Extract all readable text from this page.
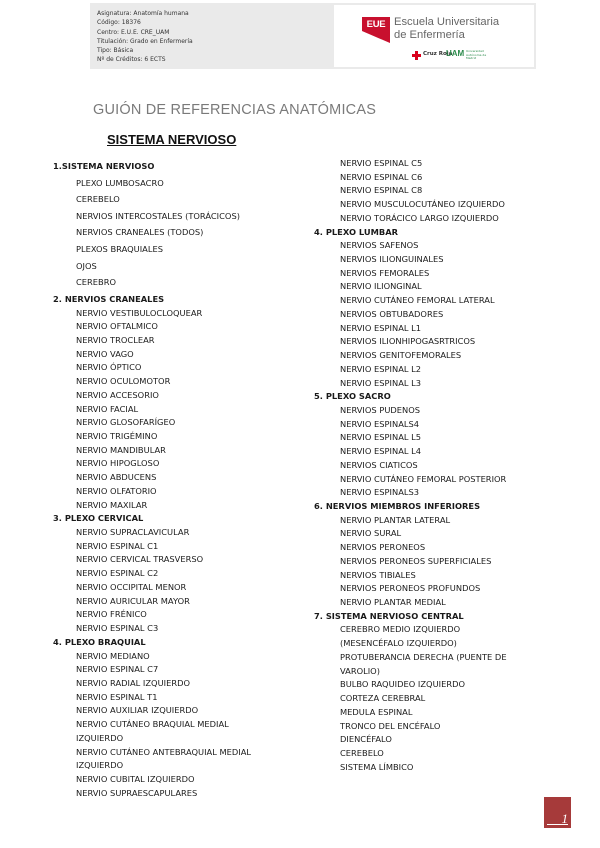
Asignatura: Anatomía humana
Código: 18376
Centro: E.U.E. CRE_UAM
Titulación: Grado en Enfermería
Tipo: Básica
Nº de Créditos: 6 ECTS
EUE Escuela Universitaria
de Enfermería
Cruz Roja
UAM Universidad Autónoma de Madrid
GUIÓN DE REFERENCIAS ANATÓMICAS
SISTEMA NERVIOSO
1.SISTEMA NERVIOSO
PLEXO LUMBOSACRO
CEREBELO
NERVIOS INTERCOSTALES (TORÁCICOS)
NERVIOS CRANEALES (TODOS)
PLEXOS BRAQUIALES
OJOS
CEREBRO
2. NERVIOS CRANEALES
NERVIO VESTIBULOCLOQUEAR
NERVIO OFTALMICO
NERVIO TROCLEAR
NERVIO VAGO
NERVIO ÓPTICO
NERVIO OCULOMOTOR
NERVIO ACCESORIO
NERVIO FACIAL
NERVIO GLOSOFARÍGEO
NERVIO TRIGÉMINO
NERVIO MANDIBULAR
NERVIO HIPOGLOSO
NERVIO ABDUCENS
NERVIO OLFATORIO
NERVIO MAXILAR
3. PLEXO CERVICAL
NERVIO SUPRACLAVICULAR
NERVIO ESPINAL C1
NERVIO CERVICAL TRASVERSO
NERVIO ESPINAL C2
NERVIO OCCIPITAL MENOR
NERVIO AURICULAR MAYOR
NERVIO FRÉNICO
NERVIO ESPINAL C3
4. PLEXO BRAQUIAL
NERVIO MEDIANO
NERVIO ESPINAL C7
NERVIO RADIAL IZQUIERDO
NERVIO ESPINAL T1
NERVIO AUXILIAR IZQUIERDO
NERVIO CUTÁNEO BRAQUIAL MEDIAL
IZQUIERDO
NERVIO CUTÁNEO ANTEBRAQUIAL MEDIAL
IZQUIERDO
NERVIO CUBITAL IZQUIERDO
NERVIO SUPRAESCAPULARES
NERVIO ESPINAL C5
NERVIO ESPINAL C6
NERVIO ESPINAL C8
NERVIO MUSCULOCUTÁNEO IZQUIERDO
NERVIO TORÁCICO LARGO IZQUIERDO
4. PLEXO LUMBAR
NERVIOS SAFENOS
NERVIOS ILIONGUINALES
NERVIOS FEMORALES
NERVIO ILIONGINAL
NERVIO CUTÁNEO FEMORAL LATERAL
NERVIOS OBTUBADORES
NERVIO ESPINAL L1
NERVIOS ILIONHIPOGASRTRICOS
NERVIOS GENITOFEMORALES
NERVIO ESPINAL L2
NERVIO ESPINAL L3
5. PLEXO SACRO
NERVIOS PUDENOS
NERVIO ESPINALS4
NERVIO ESPINAL L5
NERVIO ESPINAL L4
NERVIOS CIATICOS
NERVIO CUTÁNEO FEMORAL POSTERIOR
NERVIO ESPINALS3
6. NERVIOS MIEMBROS INFERIORES
NERVIO PLANTAR LATERAL
NERVIO SURAL
NERVIOS PERONEOS
NERVIOS PERONEOS SUPERFICIALES
NERVIOS TIBIALES
NERVIOS PERONEOS PROFUNDOS
NERVIO PLANTAR MEDIAL
7. SISTEMA NERVIOSO CENTRAL
CEREBRO MEDIO IZQUIERDO
(MESENCÉFALO IZQUIERDO)
PROTUBERANCIA DERECHA (PUENTE DE
VAROLIO)
BULBO RAQUIDEO IZQUIERDO
CORTEZA CEREBRAL
MEDULA ESPINAL
TRONCO DEL ENCÉFALO
DIENCÉFALO
CEREBELO
SISTEMA LÍMBICO
1
